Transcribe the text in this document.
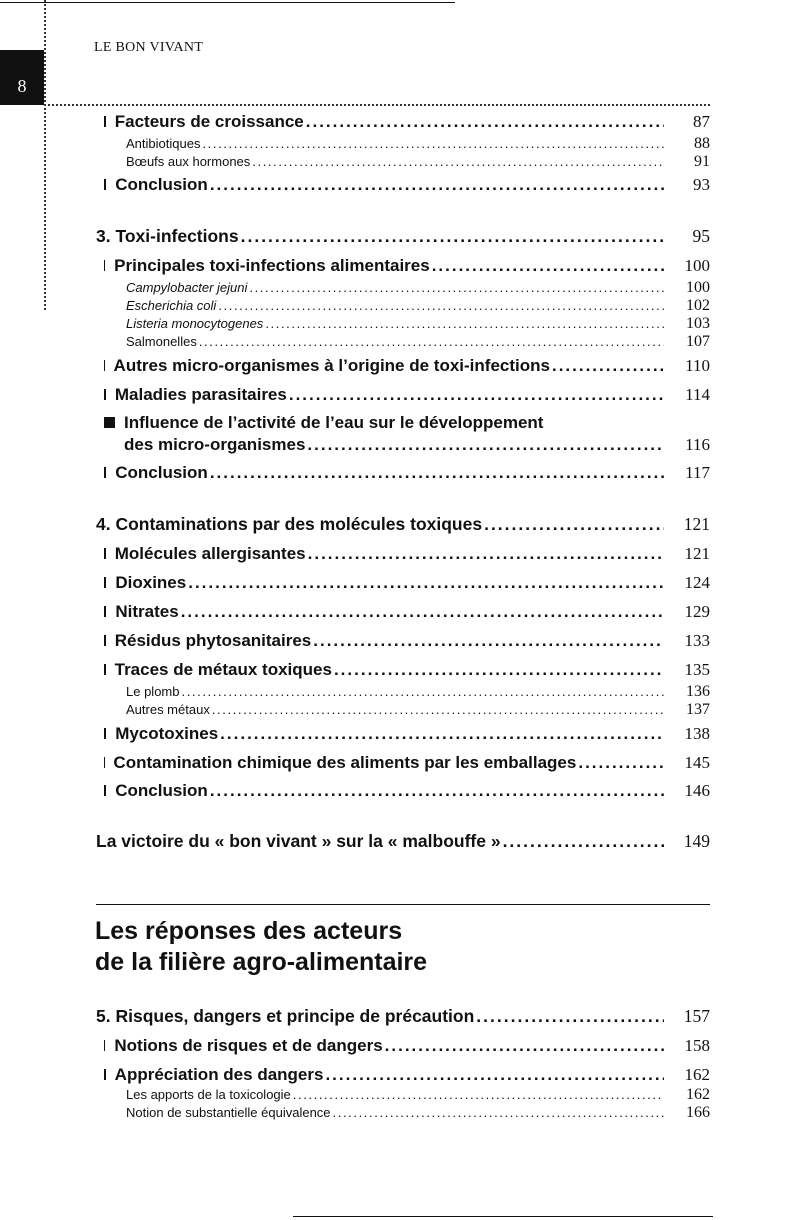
8
LE BON VIVANT
Facteurs de croissance .....	87
Antibiotiques .....	88
Bœufs aux hormones .....	91
Conclusion .....	93
3. Toxi-infections .....	95
Principales toxi-infections alimentaires .....	100
Campylobacter jejuni .....	100
Escherichia coli .....	102
Listeria monocytogenes .....	103
Salmonelles .....	107
Autres micro-organismes à l’origine de toxi-infections .....	110
Maladies parasitaires .....	114
Influence de l’activité de l’eau sur le développement
des micro-organismes .....	116
Conclusion .....	117
4. Contaminations par des molécules toxiques .....	121
Molécules allergisantes .....	121
Dioxines .....	124
Nitrates .....	129
Résidus phytosanitaires .....	133
Traces de métaux toxiques .....	135
Le plomb .....	136
Autres métaux .....	137
Mycotoxines .....	138
Contamination chimique des aliments par les emballages .....	145
Conclusion .....	146
La victoire du « bon vivant » sur la « malbouffe » .....	149
Les réponses des acteurs
de la filière agro-alimentaire
5. Risques, dangers et principe de précaution .....	157
Notions de risques et de dangers .....	158
Appréciation des dangers .....	162
Les apports de la toxicologie .....	162
Notion de substantielle équivalence .....	166
